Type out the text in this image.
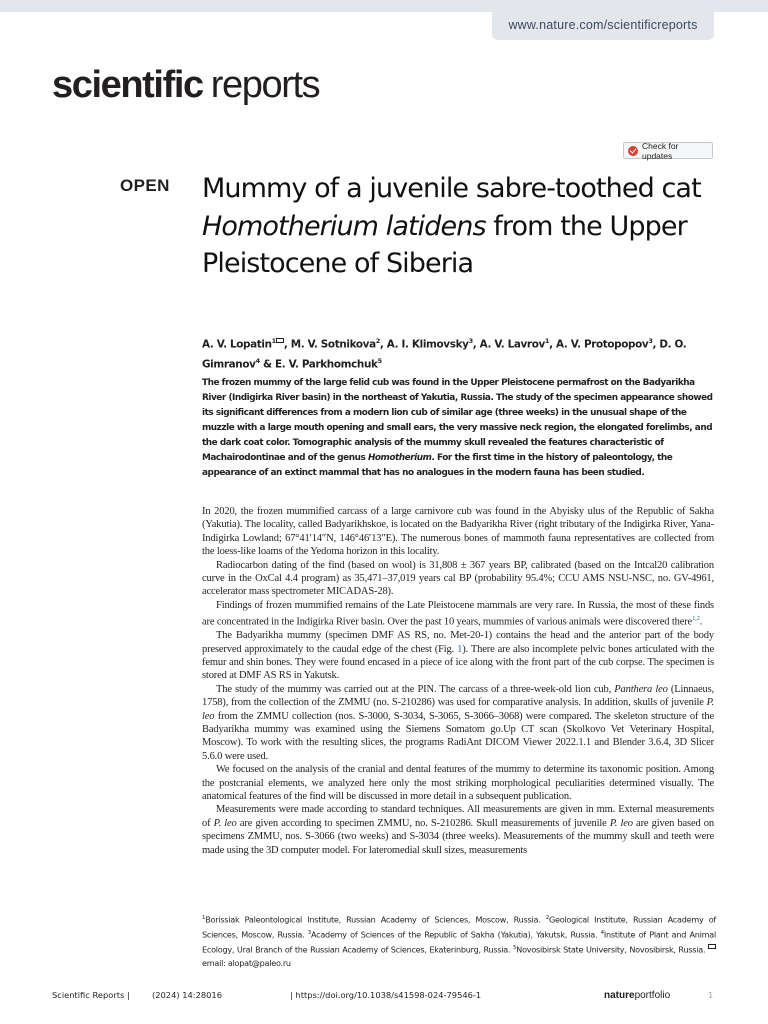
www.nature.com/scientificreports
scientific reports
Check for updates
OPEN Mummy of a juvenile sabre-toothed cat Homotherium latidens from the Upper Pleistocene of Siberia
A. V. Lopatin$^1$ , M. V. Sotnikova$^2$, A. I. Klimovsky$^3$, A. V. Lavrov$^1$, A. V. Protopopov$^3$, D. O. Gimranov$^4$ & E. V. Parkhomchuk$^5$
The frozen mummy of the large felid cub was found in the Upper Pleistocene permafrost on the Badyarikha River (Indigirka River basin) in the northeast of Yakutia, Russia. The study of the specimen appearance showed its significant differences from a modern lion cub of similar age (three weeks) in the unusual shape of the muzzle with a large mouth opening and small ears, the very massive neck region, the elongated forelimbs, and the dark coat color. Tomographic analysis of the mummy skull revealed the features characteristic of Machairodontinae and of the genus Homotherium. For the first time in the history of paleontology, the appearance of an extinct mammal that has no analogues in the modern fauna has been studied.

In 2020, the frozen mummified carcass of a large carnivore cub was found in the Abyisky ulus of the Republic of Sakha (Yakutia). The locality, called Badyarikhskoe, is located on the Badyarikha River (right tributary of the Indigirka River, Yana-Indigirka Lowland; 67°41′14″N, 146°46′13″E). The numerous bones of mammoth fauna representatives are collected from the loess-like loams of the Yedoma horizon in this locality.

Radiocarbon dating of the find (based on wool) is 31,808 ± 367 years BP, calibrated (based on the Intcal20 calibration curve in the OxCal 4.4 program) as 35,471–37,019 years cal BP (probability 95.4%; CCU AMS NSU-NSC, no. GV-4961, accelerator mass spectrometer MICADAS-28).

Findings of frozen mummified remains of the Late Pleistocene mammals are very rare. In Russia, the most of these finds are concentrated in the Indigirka River basin. Over the past 10 years, mummies of various animals were discovered there$^{1,2}$.

The Badyarikha mummy (specimen DMF AS RS, no. Met-20-1) contains the head and the anterior part of the body preserved approximately to the caudal edge of the chest (Fig. 1). There are also incomplete pelvic bones articulated with the femur and shin bones. They were found encased in a piece of ice along with the front part of the cub corpse. The specimen is stored at DMF AS RS in Yakutsk.

The study of the mummy was carried out at the PIN. The carcass of a three-week-old lion cub, Panthera leo (Linnaeus, 1758), from the collection of the ZMMU (no. S-210286) was used for comparative analysis. In addition, skulls of juvenile P. leo from the ZMMU collection (nos. S-3000, S-3034, S-3065, S-3066–3068) were compared. The skeleton structure of the Badyarikha mummy was examined using the Siemens Somatom go.Up CT scan (Skolkovo Vet Veterinary Hospital, Moscow). To work with the resulting slices, the programs RadiAnt DICOM Viewer 2022.1.1 and Blender 3.6.4, 3D Slicer 5.6.0 were used.

We focused on the analysis of the cranial and dental features of the mummy to determine its taxonomic position. Among the postcranial elements, we analyzed here only the most striking morphological peculiarities determined visually. The anatomical features of the find will be discussed in more detail in a subsequent publication.

Measurements were made according to standard techniques. All measurements are given in mm. External measurements of P. leo are given according to specimen ZMMU, no. S-210286. Skull measurements of juvenile P. leo are given based on specimens ZMMU, nos. S-3066 (two weeks) and S-3034 (three weeks). Measurements of the mummy skull and teeth were made using the 3D computer model. For lateromedial skull sizes, measurements

$^1$Borissiak Paleontological Institute, Russian Academy of Sciences, Moscow, Russia. $^2$Geological Institute, Russian Academy of Sciences, Moscow, Russia. $^3$Academy of Sciences of the Republic of Sakha (Yakutia), Yakutsk, Russia. $^4$Institute of Plant and Animal Ecology, Ural Branch of the Russian Academy of Sciences, Ekaterinburg, Russia. $^5$Novosibirsk State University, Novosibirsk, Russia. email: alopat@paleo.ru
Scientific Reports |	(2024) 14:28016	| https://doi.org/10.1038/s41598-024-79546-1	natureportfolio	1
